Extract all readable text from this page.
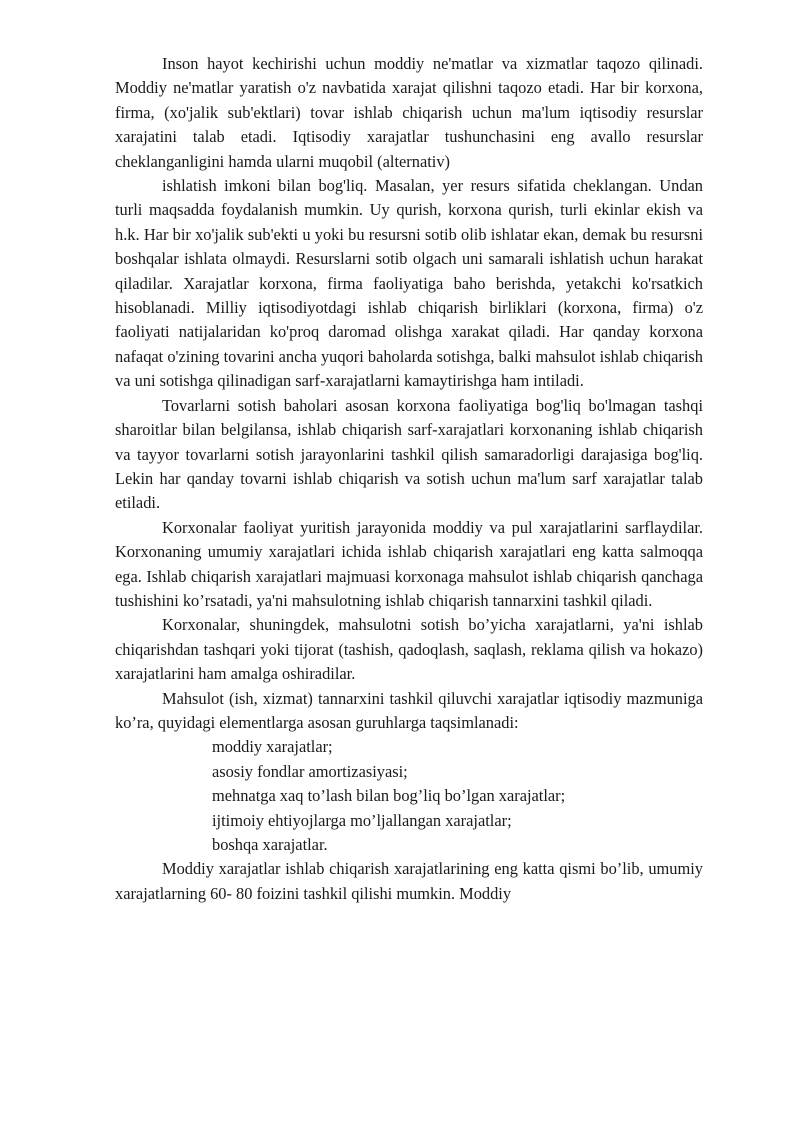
Inson hayot kechirishi uchun moddiy ne'matlar va xizmatlar taqozo qilinadi. Moddiy ne'matlar yaratish o'z navbatida xarajat qilishni taqozo etadi. Har bir korxona, firma, (xo'jalik sub'ektlari) tovar ishlab chiqarish uchun ma'lum iqtisodiy resurslar xarajatini talab etadi. Iqtisodiy xarajatlar tushunchasini eng avallo resurslar cheklanganligini hamda ularni muqobil (alternativ)

ishlatish imkoni bilan bog'liq. Masalan, yer resurs sifatida cheklangan. Undan turli maqsadda foydalanish mumkin. Uy qurish, korxona qurish, turli ekinlar ekish va h.k. Har bir xo'jalik sub'ekti u yoki bu resursni sotib olib ishlatar ekan, demak bu resursni boshqalar ishlata olmaydi. Resurslarni sotib olgach uni samarali ishlatish uchun harakat qiladilar. Xarajatlar korxona, firma faoliyatiga baho berishda, yetakchi ko'rsatkich hisoblanadi. Milliy iqtisodiyotdagi ishlab chiqarish birliklari (korxona, firma) o'z faoliyati natijalaridan ko'proq daromad olishga xarakat qiladi. Har qanday korxona nafaqat o'zining tovarini ancha yuqori baholarda sotishga, balki mahsulot ishlab chiqarish va uni sotishga qilinadigan sarf-xarajatlarni kamaytirishga ham intiladi.

Tovarlarni sotish baholari asosan korxona faoliyatiga bog'liq bo'lmagan tashqi sharoitlar bilan belgilansa, ishlab chiqarish sarf-xarajatlari korxonaning ishlab chiqarish va tayyor tovarlarni sotish jarayonlarini tashkil qilish samaradorligi darajasiga bog'liq. Lekin har qanday tovarni ishlab chiqarish va sotish uchun ma'lum sarf xarajatlar talab etiladi.

Korxonalar faoliyat yuritish jarayonida moddiy va pul xarajatlarini sarflaydilar. Korxonaning umumiy xarajatlari ichida ishlab chiqarish xarajatlari eng katta salmoqqa ega. Ishlab chiqarish xarajatlari majmuasi korxonaga mahsulot ishlab chiqarish qanchaga tushishini ko’rsatadi, ya'ni mahsulotning ishlab chiqarish tannarxini tashkil qiladi.

Korxonalar, shuningdek, mahsulotni sotish bo’yicha xarajatlarni, ya'ni ishlab chiqarishdan tashqari yoki tijorat (tashish, qadoqlash, saqlash, reklama qilish va hokazo) xarajatlarini ham amalga oshiradilar.

Mahsulot (ish, xizmat) tannarxini tashkil qiluvchi xarajatlar iqtisodiy mazmuniga ko’ra, quyidagi elementlarga asosan guruhlarga taqsimlanadi:

moddiy xarajatlar;

asosiy fondlar amortizasiyasi;

mehnatga xaq to’lash bilan bog’liq bo’lgan xarajatlar;

ijtimoiy ehtiyojlarga mo’ljallangan xarajatlar;

boshqa xarajatlar.

Moddiy xarajatlar ishlab chiqarish xarajatlarining eng katta qismi bo’lib, umumiy xarajatlarning 60- 80 foizini tashkil qilishi mumkin. Moddiy
